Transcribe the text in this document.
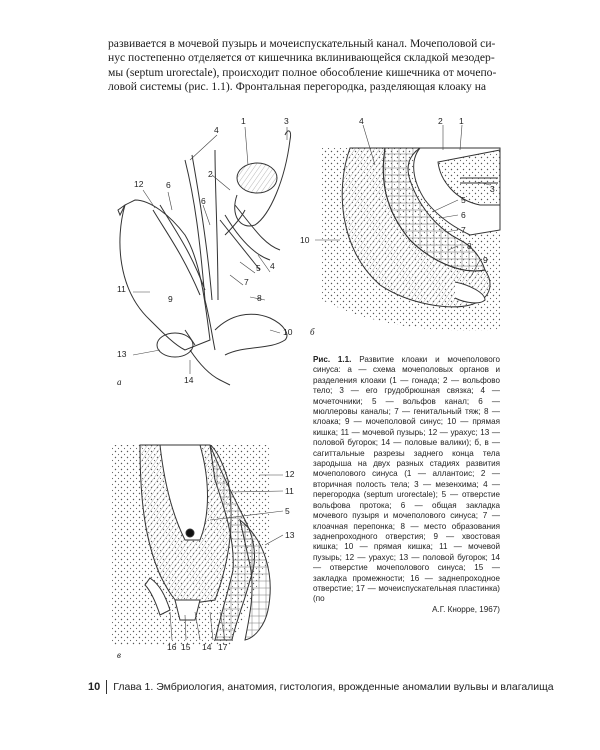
развивается в мочевой пузырь и мочеиспускательный канал. Мочеполовой си-

нус постепенно отделяется от кишечника вклинивающейся складкой мезодер-

мы (septum urorectale), происходит полное обособление кишечника от мочепо-

ловой системы (рис. 1.1). Фронтальная перегородка, разделяющая клоаку на

1
2
3
4
4
5
6
6
7
8
9
10
11
12
13
14
а
1
2
3
4
5
6
7
8
9
10
б
11
12
5
13
16 15 14 17
в
Рис. 1.1. Развитие клоаки и мочеполового синуса: а — схема мочеполовых органов и разделения клоаки (1 — гонада; 2 — вольфово тело; 3 — его грудобрюшная связка; 4 — мочеточники; 5 — вольфов канал; 6 — мюллеровы каналы; 7 — генитальный тяж; 8 — клоака; 9 — мочеполовой синус; 10 — прямая кишка; 11 — мочевой пузырь; 12 — урахус; 13 — половой бугорок; 14 — половые валики); б, в — сагиттальные разрезы заднего конца тела зародыша на двух разных стадиях развития мочеполового синуса (1 — аллантоис; 2 — вторичная полость тела; 3 — мезенхима; 4 — перегородка (septum urorectale); 5 — отверстие вольфова протока; 6 — общая закладка мочевого пузыря и мочеполового синуса; 7 — клоачная перепонка; 8 — место образования заднепроходного отверстия; 9 — хвостовая кишка; 10 — прямая кишка; 11 — мочевой пузырь; 12 — урахус; 13 — половой бугорок; 14 — отверстие мочеполового синуса; 15 — закладка промежности; 16 — заднепроходное отверстие; 17 — мочеиспускательная пластинка) (по
А.Г. Кнорре, 1967)
10 Глава 1. Эмбриология, анатомия, гистология, врожденные аномалии вульвы и влагалища
